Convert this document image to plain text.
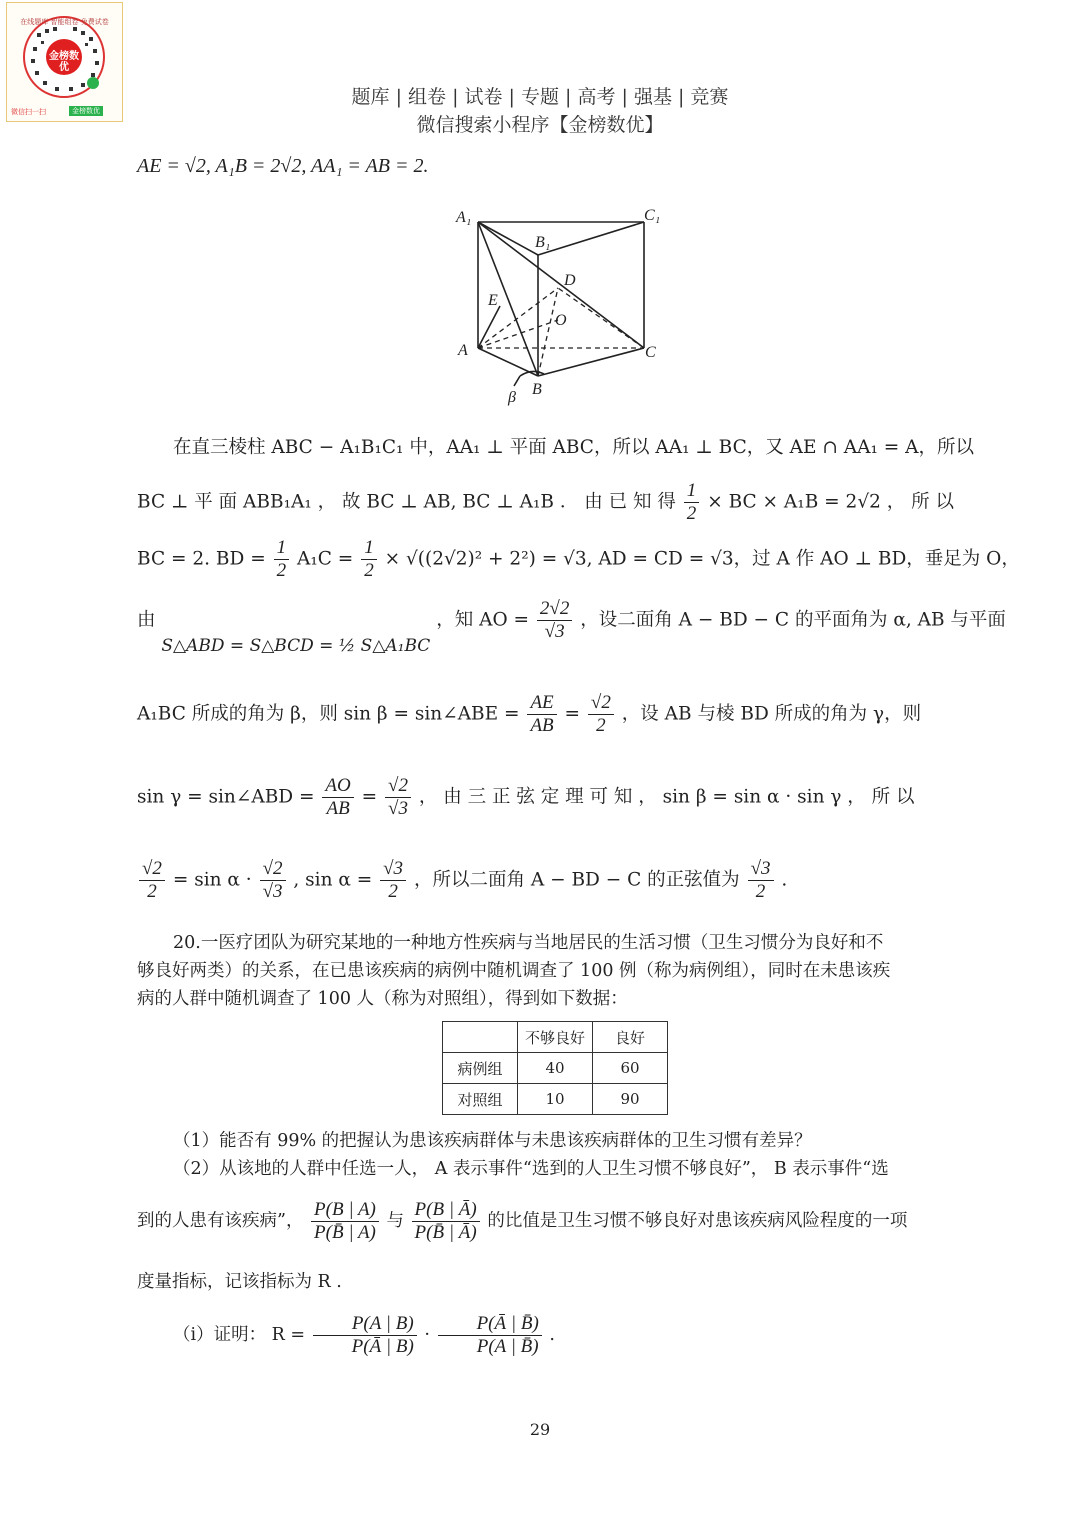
在线题库 智能组卷 免费试卷
金榜数优
微信扫一扫	金榜数优
题库 | 组卷 | 试卷 | 专题 | 高考 | 强基 | 竞赛
微信搜索小程序【金榜数优】
AE = √2, A₁B = 2√2, AA₁ = AB = 2.
A₁	C₁
B₁
D
E
O
A	C
B
β
在直三棱柱 ABC − A₁B₁C₁ 中，AA₁ ⊥ 平面 ABC，所以 AA₁ ⊥ BC，又 AE ∩ AA₁ = A，所以
BC ⊥ 平 面 ABB₁A₁ ， 故 BC ⊥ AB, BC ⊥ A₁B ． 由 已 知 得 $\frac{1}{2}$ × BC × A₁B = 2√2 ， 所 以
BC = 2. BD = $\frac{1}{2} A_1C = \frac{1}{2} \times √((2√2)^2 + 2^2) = √3$, AD = CD = √3，过 A 作 AO ⊥ BD，垂足为 O，
由 S△ABD = S△BCD = ½ S△A₁BC ，知 AO = $\frac{2√2}{√3}$ ，设二面角 A − BD − C 的平面角为 α, AB 与平面
A₁BC 所成的角为 β，则 sin β = sin∠ABE = $\frac{AE}{AB} = \frac{√2}{2}$ ，设 AB 与棱 BD 所成的角为 γ，则
sin γ = sin∠ABD = $\frac{AO}{AB} = \frac{√2}{√3}$ ， 由 三 正 弦 定 理 可 知 ， sin β = sin α · sin γ ， 所 以
$\frac{√2}{2} = \sin \alpha \cdot \frac{√2}{√3}$ , $\sin \alpha = \frac{√3}{2}$ ，所以二面角 A − BD − C 的正弦值为 $\frac{√3}{2}$ .
20.一医疗团队为研究某地的一种地方性疾病与当地居民的生活习惯（卫生习惯分为良好和不
够良好两类）的关系，在已患该疾病的病例中随机调查了 100 例（称为病例组），同时在未患该疾
病的人群中随机调查了 100 人（称为对照组），得到如下数据：
	不够良好	良好
病例组	40	60
对照组	10	90
（1）能否有 99% 的把握认为患该疾病群体与未患该疾病群体的卫生习惯有差异？
（2）从该地的人群中任选一人， A 表示事件“选到的人卫生习惯不够良好”， B 表示事件“选
到的人患有该疾病”， $\frac{P(B | A)}{P(B̄ | A)}$ 与 $\frac{P(B | Ā)}{P(B̄ | Ā)}$ 的比值是卫生习惯不够良好对患该疾病风险程度的一项
度量指标，记该指标为 R .
（i）证明： $R = \frac{P(A | B)}{P(Ā | B)} \cdot \frac{P(Ā | B̄)}{P(A | B̄)}$ .
29
